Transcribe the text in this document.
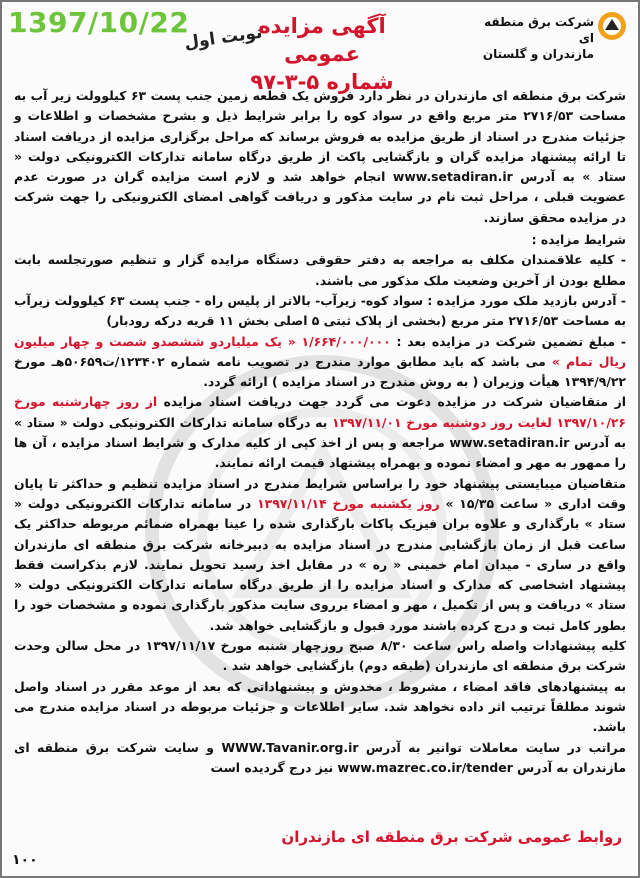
1397/10/22
نوبت اول
آگهی مزایده عمومی
شماره ۵-۳-۹۷
شرکت برق منطقه ای
مازندران و گلستان

شرکت برق منطقه ای مازندران در نظر دارد فروش یک قطعه زمین جنب پست ۶۳ کیلوولت زیر آب به مساحت ۲۷۱۶/۵۳ متر مربع واقع در سواد کوه را برابر شرایط ذیل و بشرح مشخصات و اطلاعات و جزئیات مندرج در اسناد از طریق مزایده به فروش برساند که مراحل برگزاری مزایده از دریافت اسناد تا ارائه پیشنهاد مزایده گران و بازگشایی پاکت از طریق درگاه سامانه تدارکات الکترونیکی دولت « ستاد » به آدرس www.setadiran.ir انجام خواهد شد و لازم است مزایده گران در صورت عدم عضویت قبلی ، مراحل ثبت نام در سایت مذکور و دریافت گواهی امضای الکترونیکی را جهت شرکت در مزایده محقق سازند.

شرایط مزایده :

- کلیه علاقمندان مکلف به مراجعه به دفتر حقوقی دستگاه مزایده گزار و تنظیم صورتجلسه بابت مطلع بودن از آخرین وضعیت ملک مذکور می باشند.

- آدرس بازدید ملک مورد مزایده : سواد کوه- زیرآب- بالاتر از پلیس راه - جنب پست ۶۳ کیلوولت زیرآب به مساحت ۲۷۱۶/۵۳ متر مربع (بخشی از پلاک ثبتی ۵ اصلی بخش ۱۱ قریه درکه رودبار)

- مبلغ تضمین شرکت در مزایده بعد : ۱/۶۶۴/۰۰۰/۰۰۰ « یک میلیاردو ششصدو شصت و چهار میلیون ریال تمام » می باشد که باید مطابق موارد مندرج در تصویب نامه شماره ۱۲۳۴۰۲/ت۵۰۶۵۹هـ مورخ ۱۳۹۴/۹/۲۲ هیأت وزیران ( به روش مندرج در اسناد مزایده ) ارائه گردد.

از متقاضیان شرکت در مزایده دعوت می گردد جهت دریافت اسناد مزایده از روز چهارشنبه مورخ ۱۳۹۷/۱۰/۲۶ لغایت روز دوشنبه مورخ ۱۳۹۷/۱۱/۰۱ به درگاه سامانه تدارکات الکترونیکی دولت « ستاد » به آدرس www.setadiran.ir مراجعه و پس از اخذ کپی از کلیه مدارک و شرایط اسناد مزایده ، آن ها را ممهور به مهر و امضاء نموده و بهمراه پیشنهاد قیمت ارائه نمایند.

متقاضیان میبایستی پیشنهاد خود را براساس شرایط مندرج در اسناد مزایده تنظیم و حداکثر تا پایان وقت اداری « ساعت ۱۵/۳۵ » روز یکشنبه مورخ ۱۳۹۷/۱۱/۱۴ در سامانه تدارکات الکترونیکی دولت « ستاد » بارگذاری و علاوه بران فیزیک پاکات بارگذاری شده را عینا بهمراه ضمائم مربوطه حداکثر یک ساعت قبل از زمان بازگشایی مندرج در اسناد مزایده به دبیرخانه شرکت برق منطقه ای مازندران واقع در ساری - میدان امام خمینی « ره » در مقابل اخذ رسید تحویل نمایند. لازم بذکراست فقط پیشنهاد اشخاصی که مدارک و اسناد مزایده را از طریق درگاه سامانه تدارکات الکترونیکی دولت « ستاد » دریافت و پس از تکمیل ، مهر و امضاء برروی سایت مذکور بارگذاری نموده و مشخصات خود را بطور کامل ثبت و درج کرده باشند مورد قبول و بازگشایی خواهد شد.

کلیه پیشنهادات واصله راس ساعت ۸/۳۰ صبح روزچهار شنبه مورخ ۱۳۹۷/۱۱/۱۷ در محل سالن وحدت شرکت برق منطقه ای مازندران (طبقه دوم) بازگشایی خواهد شد .

به پیشنهادهای فاقد امضاء ، مشروط ، مخدوش و پیشنهاداتی که بعد از موعد مقرر در اسناد واصل شوند مطلقاً ترتیب اثر داده نخواهد شد. سایر اطلاعات و جزئیات مربوطه در اسناد مزایده مندرج می باشد.

مراتب در سایت معاملات توانیر به آدرس WWW.Tavanir.org.ir و سایت شرکت برق منطقه ای مازندران به آدرس www.mazrec.co.ir/tender نیز درج گردیده است

روابط عمومی شرکت برق منطقه ای مازندران
۱۰۰
